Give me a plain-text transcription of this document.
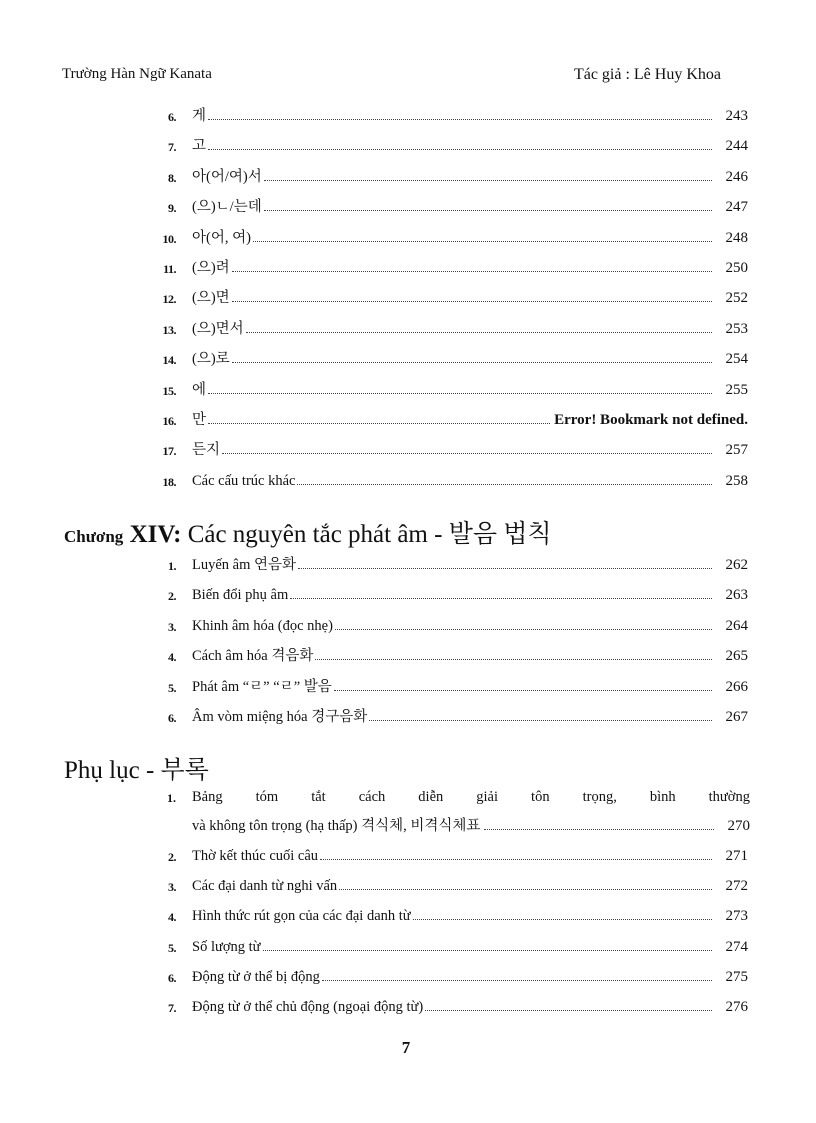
Trường Hàn Ngữ Kanata	Tác giả : Lê Huy Khoa
6.	게	243
7.	고	244
8.	아(어/여)서	246
9.	(으)ㄴ/는데	247
10.	아(어, 여)	248
11.	(으)려	250
12.	(으)면	252
13.	(으)면서	253
14.	(으)로	254
15.	에	255
16.	만	Error! Bookmark not defined.
17.	든지	257
18.	Các cấu trúc khác	258
Chương XIV: Các nguyên tắc phát âm - 발음 법칙
1.	Luyến âm 연음화	262
2.	Biến đổi phụ âm	263
3.	Khinh âm hóa (đọc nhẹ)	264
4.	Cách âm hóa 격음화	265
5.	Phát âm “ㄹ” “ㄹ” 발음	266
6.	Âm vòm miệng hóa 경구음화	267
Phụ lục - 부록
1. Bảng tóm tắt cách diễn giải tôn trọng, bình thường
và không tôn trọng (hạ thấp) 격식체, 비격식체표	270
2.	Thờ kết thúc cuối câu	271
3.	Các đại danh từ nghi vấn	272
4.	Hình thức rút gọn của các đại danh từ	273
5.	Số lượng từ	274
6.	Động từ ở thể bị động	275
7.	Động từ ở thể chủ động (ngoại động từ)	276
7
